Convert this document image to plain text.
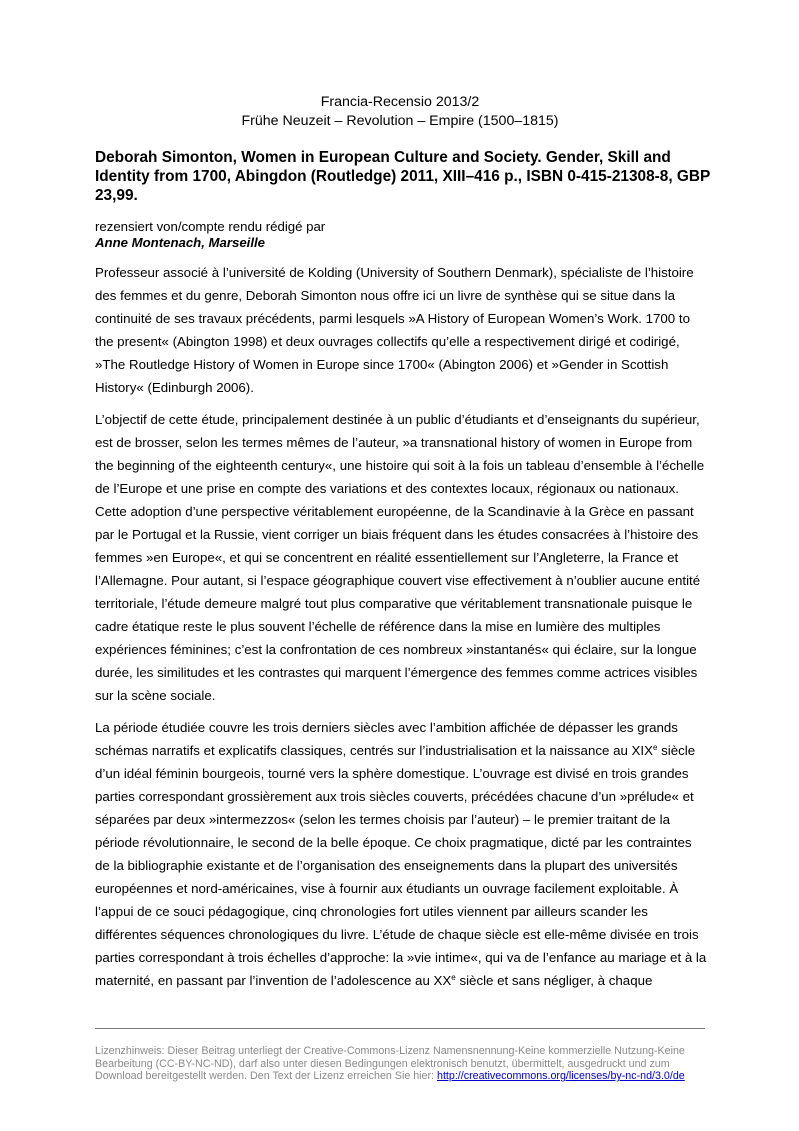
Francia-Recensio 2013/2
Frühe Neuzeit – Revolution – Empire (1500–1815)
Deborah Simonton, Women in European Culture and Society. Gender, Skill and Identity from 1700, Abingdon (Routledge) 2011, XIII–416 p., ISBN 0-415-21308-8, GBP 23,99.
rezensiert von/compte rendu rédigé par
Anne Montenach, Marseille

Professeur associé à l’université de Kolding (University of Southern Denmark), spécialiste de l’histoire des femmes et du genre, Deborah Simonton nous offre ici un livre de synthèse qui se situe dans la continuité de ses travaux précédents, parmi lesquels »A History of European Women’s Work. 1700 to the present« (Abington 1998) et deux ouvrages collectifs qu’elle a respectivement dirigé et codirigé, »The Routledge History of Women in Europe since 1700« (Abington 2006) et »Gender in Scottish History« (Edinburgh 2006).

L’objectif de cette étude, principalement destinée à un public d’étudiants et d’enseignants du supérieur, est de brosser, selon les termes mêmes de l’auteur, »a transnational history of women in Europe from the beginning of the eighteenth century«, une histoire qui soit à la fois un tableau d’ensemble à l’échelle de l’Europe et une prise en compte des variations et des contextes locaux, régionaux ou nationaux. Cette adoption d’une perspective véritablement européenne, de la Scandinavie à la Grèce en passant par le Portugal et la Russie, vient corriger un biais fréquent dans les études consacrées à l’histoire des femmes »en Europe«, et qui se concentrent en réalité essentiellement sur l’Angleterre, la France et l’Allemagne. Pour autant, si l’espace géographique couvert vise effectivement à n’oublier aucune entité territoriale, l’étude demeure malgré tout plus comparative que véritablement transnationale puisque le cadre étatique reste le plus souvent l’échelle de référence dans la mise en lumière des multiples expériences féminines; c’est la confrontation de ces nombreux »instantanés« qui éclaire, sur la longue durée, les similitudes et les contrastes qui marquent l’émergence des femmes comme actrices visibles sur la scène sociale.

La période étudiée couvre les trois derniers siècles avec l’ambition affichée de dépasser les grands schémas narratifs et explicatifs classiques, centrés sur l’industrialisation et la naissance au XIXe siècle d’un idéal féminin bourgeois, tourné vers la sphère domestique. L’ouvrage est divisé en trois grandes parties correspondant grossièrement aux trois siècles couverts, précédées chacune d’un »prélude« et séparées par deux »intermezzos« (selon les termes choisis par l’auteur) – le premier traitant de la période révolutionnaire, le second de la belle époque. Ce choix pragmatique, dicté par les contraintes de la bibliographie existante et de l’organisation des enseignements dans la plupart des universités européennes et nord-américaines, vise à fournir aux étudiants un ouvrage facilement exploitable. À l’appui de ce souci pédagogique, cinq chronologies fort utiles viennent par ailleurs scander les différentes séquences chronologiques du livre. L’étude de chaque siècle est elle-même divisée en trois parties correspondant à trois échelles d’approche: la »vie intime«, qui va de l’enfance au mariage et à la maternité, en passant par l’invention de l’adolescence au XXe siècle et sans négliger, à chaque

Lizenzhinweis: Dieser Beitrag unterliegt der Creative-Commons-Lizenz Namensnennung-Keine kommerzielle Nutzung-Keine Bearbeitung (CC-BY-NC-ND), darf also unter diesen Bedingungen elektronisch benutzt, übermittelt, ausgedruckt und zum Download bereitgestellt werden. Den Text der Lizenz erreichen Sie hier: http://creativecommons.org/licenses/by-nc-nd/3.0/de
